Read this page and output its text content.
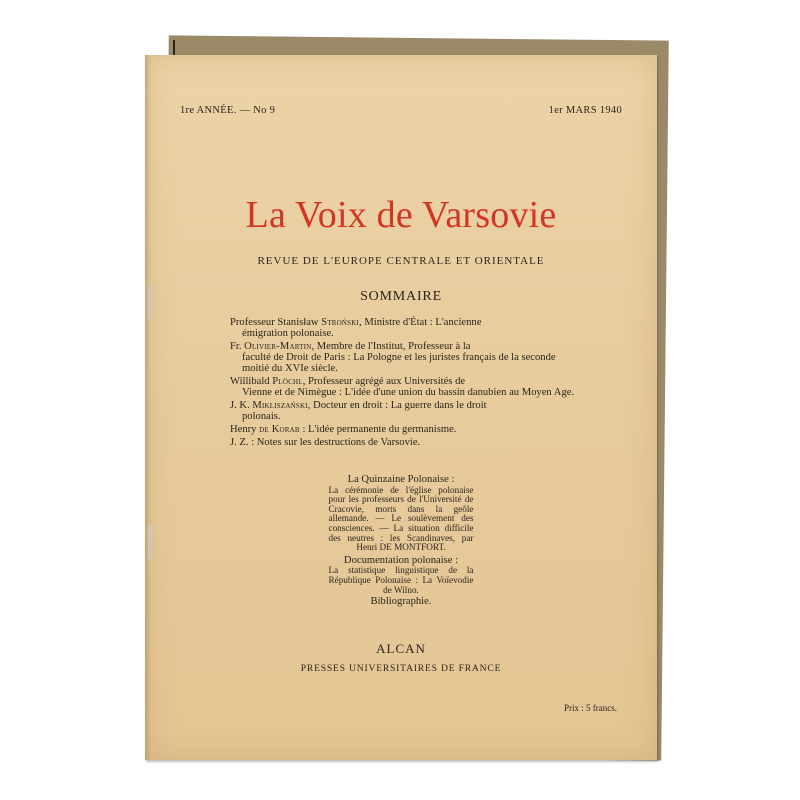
1re ANNÉE. — No 9	1er MARS 1940
La Voix de Varsovie
REVUE DE L'EUROPE CENTRALE ET ORIENTALE
SOMMAIRE
Professeur Stanisław Stroński, Ministre d'État : L'ancienne
émigration polonaise.
Fr. Olivier-Martin, Membre de l'Institut, Professeur à la
faculté de Droit de Paris : La Pologne et les juristes français de la seconde moitié du XVIe siècle.
Willibald Plöchl, Professeur agrégé aux Universités de
Vienne et de Nimègue : L'idée d'une union du bassin danubien au Moyen Age.
J. K. Mikliszański, Docteur en droit : La guerre dans le droit
polonais.
Henry de Korab : L'idée permanente du germanisme.
J. Z. : Notes sur les destructions de Varsovie.
La Quinzaine Polonaise :
La cérémonie de l'église polonaise pour les professeurs de l'Université de Cracovie, morts dans la geôle allemande. — Le soulèvement des consciences. — La situation difficile des neutres : les Scandinaves, par Henri DE MONTFORT.
Documentation polonaise :
La statistique linguistique de la République Polonaise : La Voïevodie de Wilno.
Bibliographie.
ALCAN
PRESSES UNIVERSITAIRES DE FRANCE
Prix : 5 francs.
